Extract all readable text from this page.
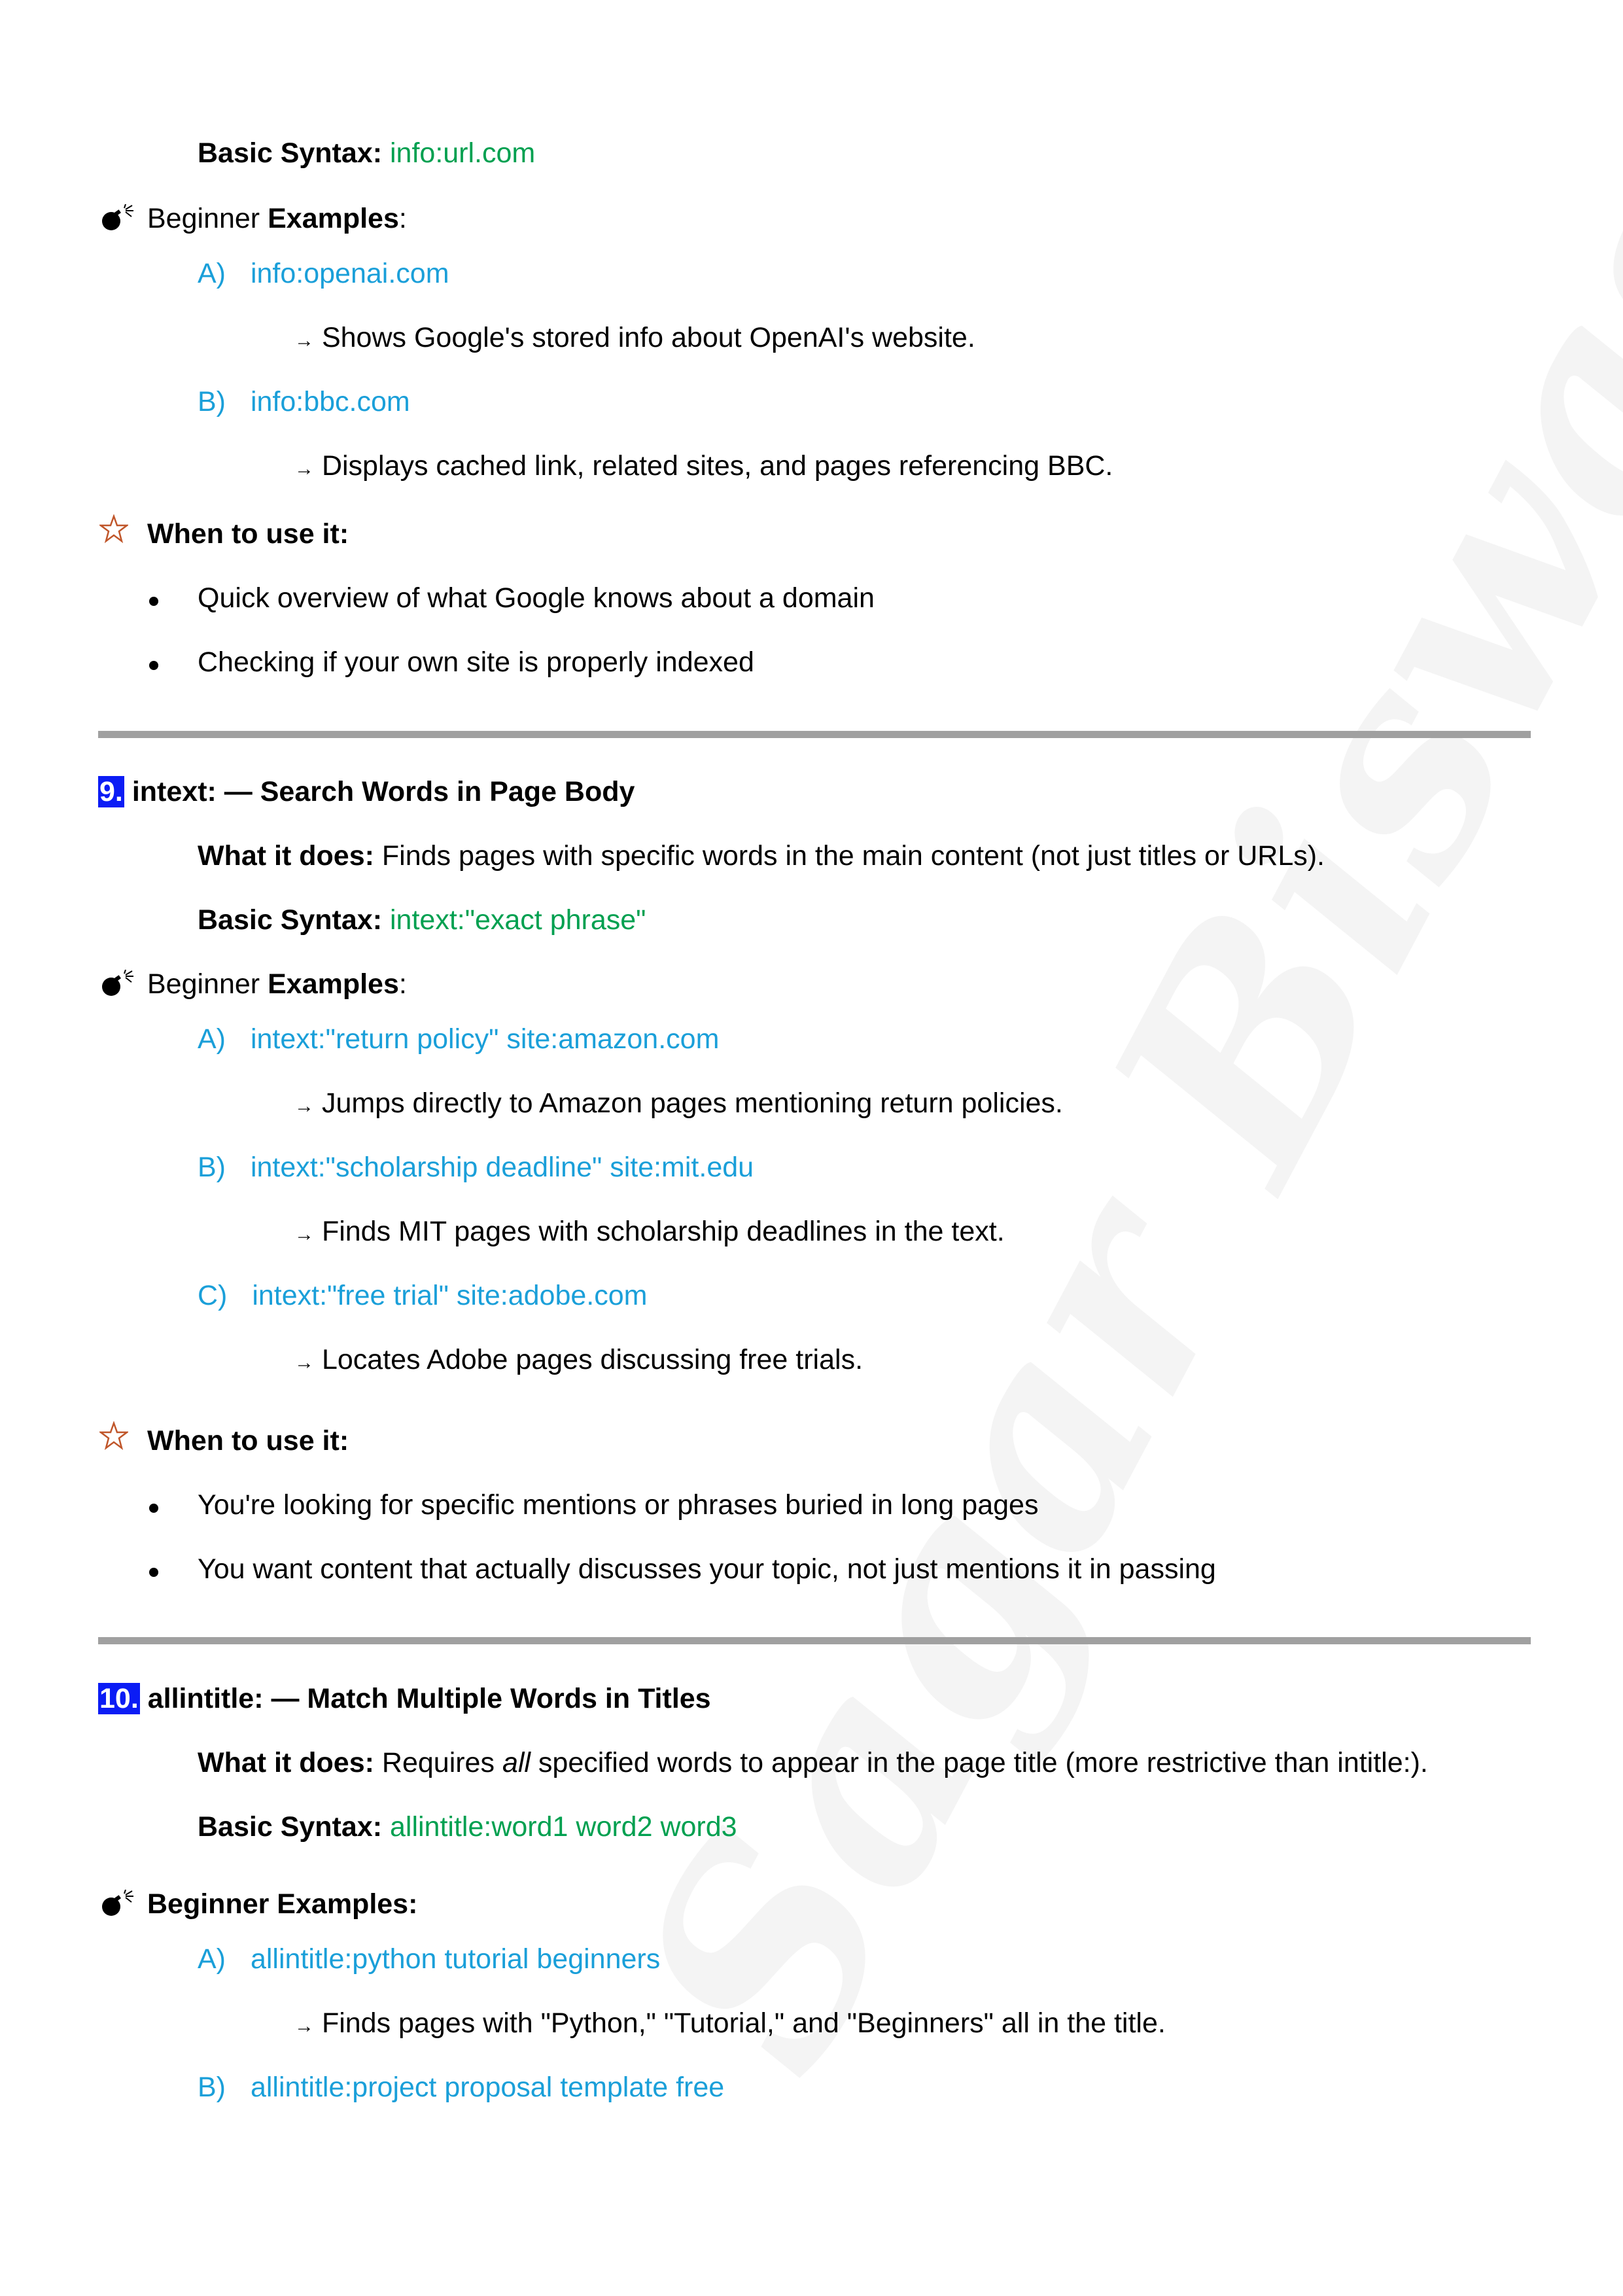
Basic Syntax: info:url.com
Beginner Examples:
A) info:openai.com
→ Shows Google's stored info about OpenAI's website.
B) info:bbc.com
→ Displays cached link, related sites, and pages referencing BBC.
When to use it:
Quick overview of what Google knows about a domain
Checking if your own site is properly indexed
9. intext: — Search Words in Page Body
What it does: Finds pages with specific words in the main content (not just titles or URLs).
Basic Syntax: intext:"exact phrase"
Beginner Examples:
A) intext:"return policy" site:amazon.com
→ Jumps directly to Amazon pages mentioning return policies.
B) intext:"scholarship deadline" site:mit.edu
→ Finds MIT pages with scholarship deadlines in the text.
C) intext:"free trial" site:adobe.com
→ Locates Adobe pages discussing free trials.
When to use it:
You're looking for specific mentions or phrases buried in long pages
You want content that actually discusses your topic, not just mentions it in passing
10. allintitle: — Match Multiple Words in Titles
What it does: Requires all specified words to appear in the page title (more restrictive than intitle:).
Basic Syntax: allintitle:word1 word2 word3
Beginner Examples:
A) allintitle:python tutorial beginners
→ Finds pages with "Python," "Tutorial," and "Beginners" all in the title.
B) allintitle:project proposal template free
